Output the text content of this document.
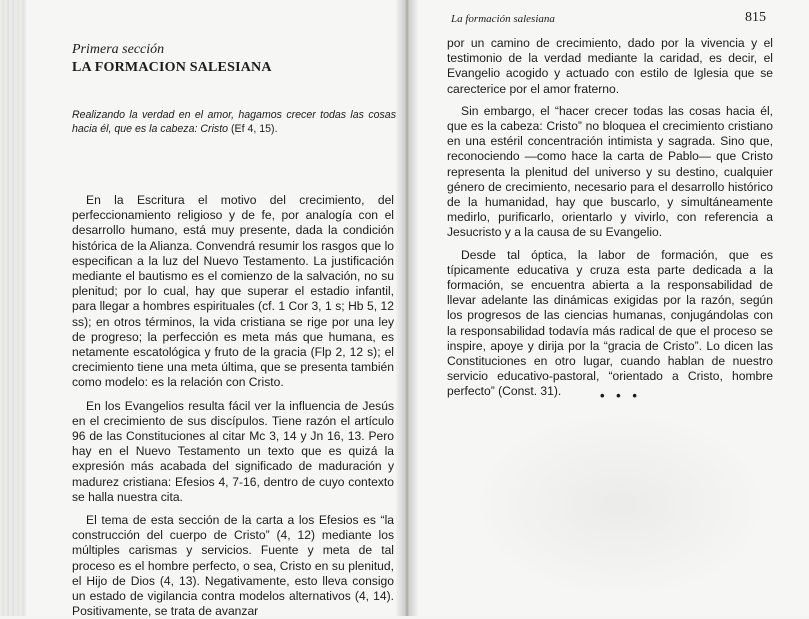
Primera sección
LA FORMACION SALESIANA
Realizando la verdad en el amor, hagamos crecer todas las cosas hacia él, que es la cabeza: Cristo (Ef 4, 15).

En la Escritura el motivo del crecimiento, del perfeccionamiento religioso y de fe, por analogía con el desarrollo humano, está muy presente, dada la condición histórica de la Alianza. Convendrá resumir los rasgos que lo especifican a la luz del Nuevo Testamento. La justificación mediante el bautismo es el comienzo de la salvación, no su plenitud; por lo cual, hay que superar el estadio infantil, para llegar a hombres espirituales (cf. 1 Cor 3, 1 s; Hb 5, 12 ss); en otros términos, la vida cristiana se rige por una ley de progreso; la perfección es meta más que humana, es netamente escatológica y fruto de la gracia (Flp 2, 12 s); el crecimiento tiene una meta última, que se presenta también como modelo: es la relación con Cristo.

En los Evangelios resulta fácil ver la influencia de Jesús en el crecimiento de sus discípulos. Tiene razón el artículo 96 de las Constituciones al citar Mc 3, 14 y Jn 16, 13. Pero hay en el Nuevo Testamento un texto que es quizá la expresión más acabada del significado de maduración y madurez cristiana: Efesios 4, 7-16, dentro de cuyo contexto se halla nuestra cita.

El tema de esta sección de la carta a los Efesios es “la construcción del cuerpo de Cristo” (4, 12) mediante los múltiples carismas y servicios. Fuente y meta de tal proceso es el hombre perfecto, o sea, Cristo en su plenitud, el Hijo de Dios (4, 13). Negativamente, esto lleva consigo un estado de vigilancia contra modelos alternativos (4, 14). Positivamente, se trata de avanzar

La formación salesiana	815

por un camino de crecimiento, dado por la vivencia y el testimonio de la verdad mediante la caridad, es decir, el Evangelio acogido y actuado con estilo de Iglesia que se carecterice por el amor fraterno.

Sin embargo, el “hacer crecer todas las cosas hacia él, que es la cabeza: Cristo” no bloquea el crecimiento cristiano en una estéril concentración intimista y sagrada. Sino que, reconociendo —como hace la carta de Pablo— que Cristo representa la plenitud del universo y su destino, cualquier género de crecimiento, necesario para el desarrollo histórico de la humanidad, hay que buscarlo, y simultáneamente medirlo, purificarlo, orientarlo y vivirlo, con referencia a Jesucristo y a la causa de su Evangelio.

Desde tal óptica, la labor de formación, que es típicamente educativa y cruza esta parte dedicada a la formación, se encuentra abierta a la responsabilidad de llevar adelante las dinámicas exigidas por la razón, según los progresos de las ciencias humanas, conjugándolas con la responsabilidad todavía más radical de que el proceso se inspire, apoye y dirija por la “gracia de Cristo”. Lo dicen las Constituciones en otro lugar, cuando hablan de nuestro servicio educativo-pastoral, “orientado a Cristo, hombre perfecto” (Const. 31).	• • •
